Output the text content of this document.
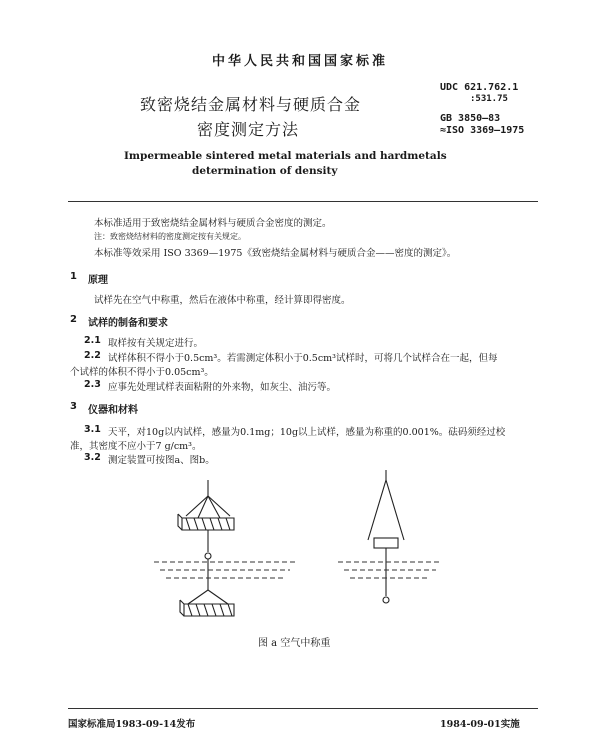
中华人民共和国国家标准
致密烧结金属材料与硬质合金
密度测定方法
UDC 621.762.1
:531.75
GB 3850—83
≈ISO 3369—1975
Impermeable sintered metal materials and hardmetals
determination of density
本标准适用于致密烧结金属材料与硬质合金密度的测定。
注：致密烧结材料的密度测定按有关规定。
本标准等效采用 ISO 3369—1975《致密烧结金属材料与硬质合金——密度的测定》。
1 原理
试样先在空气中称重，然后在液体中称重，经计算即得密度。
2 试样的制备和要求
2.1 取样按有关规定进行。
2.2 试样体积不得小于0.5cm³。若需测定体积小于0.5cm³试样时，可将几个试样合在一起，但每
个试样的体积不得小于0.05cm³。
2.3 应事先处理试样表面粘附的外来物，如灰尘、油污等。
3 仪器和材料
3.1 天平，对10g以内试样，感量为0.1mg；10g以上试样，感量为称重的0.001%。砝码须经过校
准，其密度不应小于7 g/cm³。
3.2 测定装置可按图a、图b。
图 a 空气中称重
国家标准局1983-09-14发布	1984-09-01实施
